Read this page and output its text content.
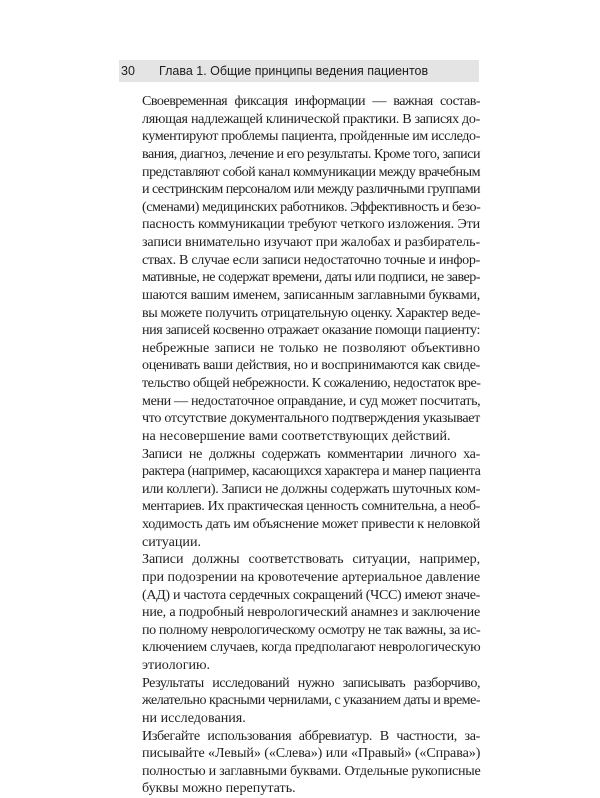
30 Глава 1. Общие принципы ведения пациентов

Своевременная фиксация информации — важная состав-
ляющая надлежащей клинической практики. В записях до-
кументируют проблемы пациента, пройденные им исследо-
вания, диагноз, лечение и его результаты. Кроме того, записи
представляют собой канал коммуникации между врачебным
и сестринским персоналом или между различными группами
(сменами) медицинских работников. Эффективность и безо-
пасность коммуникации требуют четкого изложения. Эти
записи внимательно изучают при жалобах и разбиратель-
ствах. В случае если записи недостаточно точные и инфор-
мативные, не содержат времени, даты или подписи, не завер-
шаются вашим именем, записанным заглавными буквами,
вы можете получить отрицательную оценку. Характер веде-
ния записей косвенно отражает оказание помощи пациенту:
небрежные записи не только не позволяют объективно
оценивать ваши действия, но и воспринимаются как свиде-
тельство общей небрежности. К сожалению, недостаток вре-
мени — недостаточное оправдание, и суд может посчитать,
что отсутствие документального подтверждения указывает
на несовершение вами соответствующих действий.

Записи не должны содержать комментарии личного ха-
рактера (например, касающихся характера и манер пациента
или коллеги). Записи не должны содержать шуточных ком-
ментариев. Их практическая ценность сомнительна, а необ-
ходимость дать им объяснение может привести к неловкой
ситуации.

Записи должны соответствовать ситуации, например,
при подозрении на кровотечение артериальное давление
(АД) и частота сердечных сокращений (ЧСС) имеют значе-
ние, а подробный неврологический анамнез и заключение
по полному неврологическому осмотру не так важны, за ис-
ключением случаев, когда предполагают неврологическую
этиологию.

Результаты исследований нужно записывать разборчиво,
желательно красными чернилами, с указанием даты и време-
ни исследования.

Избегайте использования аббревиатур. В частности, за-
писывайте «Левый» («Слева») или «Правый» («Справа»)
полностью и заглавными буквами. Отдельные рукописные
буквы можно перепутать.
